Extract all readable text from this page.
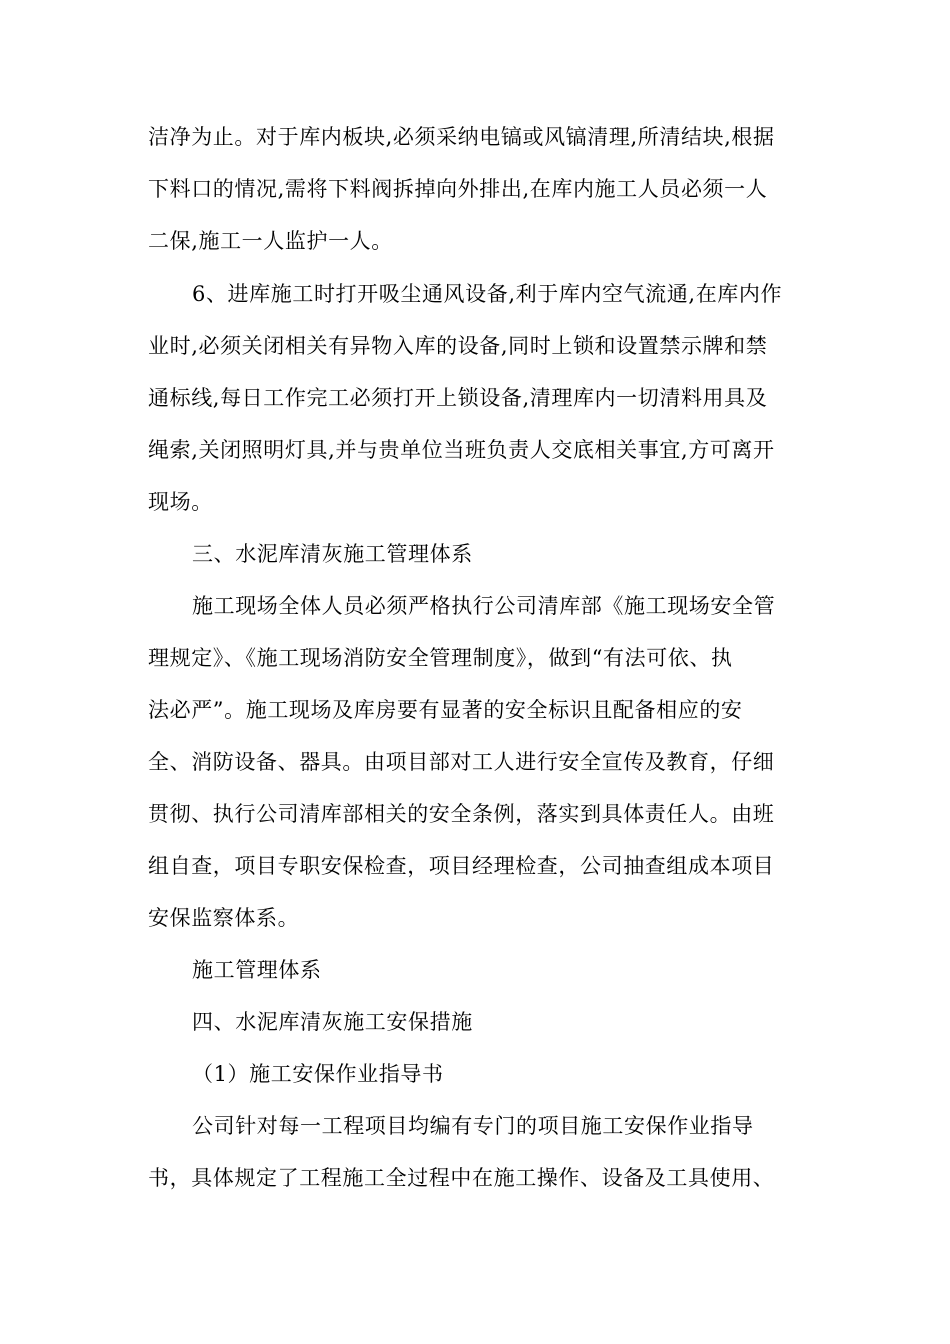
洁净为止。对于库内板块,必须采纳电镐或风镐清理,所清结块,根据
下料口的情况,需将下料阀拆掉向外排出,在库内施工人员必须一人
二保,施工一人监护一人。
6、进库施工时打开吸尘通风设备,利于库内空气流通,在库内作
业时,必须关闭相关有异物入库的设备,同时上锁和设置禁示牌和禁
通标线,每日工作完工必须打开上锁设备,清理库内一切清料用具及
绳索,关闭照明灯具,并与贵单位当班负责人交底相关事宜,方可离开
现场。
三、水泥库清灰施工管理体系
施工现场全体人员必须严格执行公司清库部《施工现场安全管
理规定》、《施工现场消防安全管理制度》，做到“有法可依、执
法必严”。施工现场及库房要有显著的安全标识且配备相应的安
全、消防设备、器具。由项目部对工人进行安全宣传及教育，仔细
贯彻、执行公司清库部相关的安全条例，落实到具体责任人。由班
组自查，项目专职安保检查，项目经理检查，公司抽查组成本项目
安保监察体系。
施工管理体系
四、水泥库清灰施工安保措施
（1）施工安保作业指导书
公司针对每一工程项目均编有专门的项目施工安保作业指导
书，具体规定了工程施工全过程中在施工操作、设备及工具使用、
